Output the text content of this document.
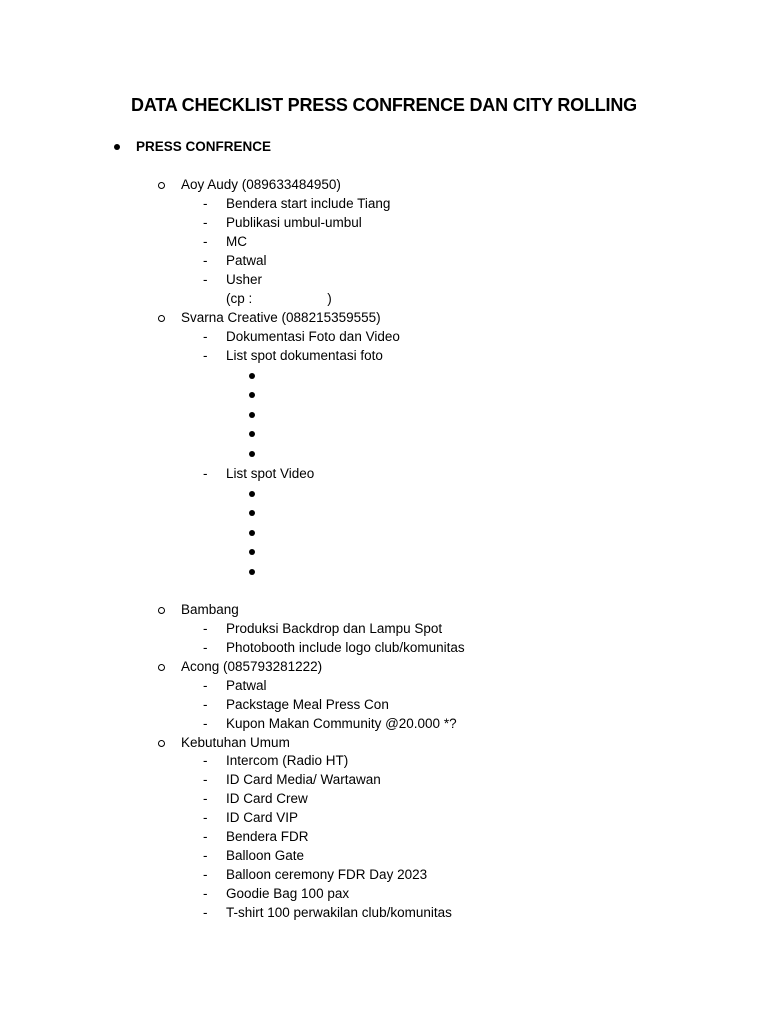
DATA CHECKLIST PRESS CONFRENCE DAN CITY ROLLING
PRESS CONFRENCE
Aoy Audy (089633484950)
- Bendera start include Tiang
- Publikasi umbul-umbul
- MC
- Patwal
- Usher
(cp :                    )
Svarna Creative (088215359555)
- Dokumentasi Foto dan Video
- List spot dokumentasi foto
- List spot Video
Bambang
- Produksi Backdrop dan Lampu Spot
- Photobooth include logo club/komunitas
Acong (085793281222)
- Patwal
- Packstage Meal Press Con
- Kupon Makan Community @20.000 *?
Kebutuhan Umum
- Intercom (Radio HT)
- ID Card Media/ Wartawan
- ID Card Crew
- ID Card VIP
- Bendera FDR
- Balloon Gate
- Balloon ceremony FDR Day 2023
- Goodie Bag 100 pax
- T-shirt 100 perwakilan club/komunitas
